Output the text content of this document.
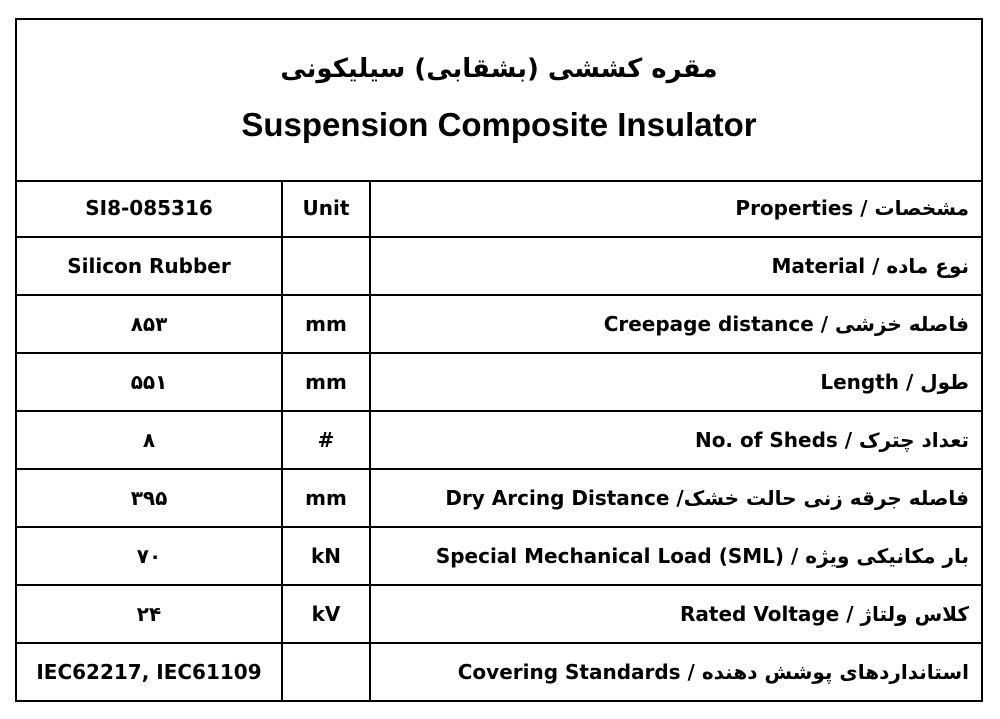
مقره کششی (بشقابی) سیلیکونی
Suspension Composite Insulator
SI8-085316	Unit	مشخصات / Properties
Silicon Rubber		نوع ماده / Material
۸۵۳	mm	فاصله خزشی / Creepage distance
۵۵۱	mm	طول / Length
۸	#	تعداد چترک / No. of Sheds
۳۹۵	mm	فاصله جرقه زنی حالت خشک/ Dry Arcing Distance
۷۰	kN	بار مکانیکی ویژه / Special Mechanical Load (SML)
۲۴	kV	کلاس ولتاژ / Rated Voltage
IEC62217, IEC61109		استانداردهای پوشش دهنده / Covering Standards
